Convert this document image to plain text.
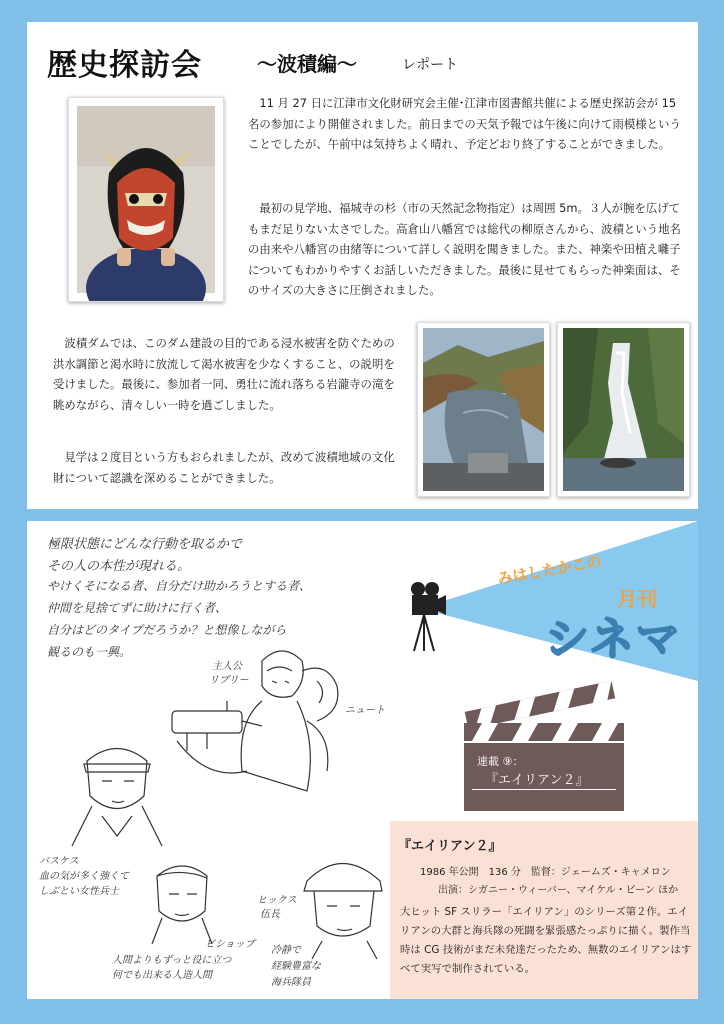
歴史探訪会	～波積編～	レポート

11 月 27 日に江津市文化財研究会主催･江津市図書館共催による歴史探訪会が 15 名の参加により開催されました。前日までの天気予報では午後に向けて雨模様ということでしたが、午前中は気持ちよく晴れ、予定どおり終了することができました。

最初の見学地、福城寺の杉（市の天然記念物指定）は周囲 5m。３人が腕を広げてもまだ足りない太さでした。高倉山八幡宮では総代の柳原さんから、波積という地名の由来や八幡宮の由緒等について詳しく説明を聞きました。また、神楽や田植え囃子についてもわかりやすくお話しいただきました。最後に見せてもらった神楽面は、そのサイズの大きさに圧倒されました。

波積ダムでは、このダム建設の目的である浸水被害を防ぐための洪水調節と渇水時に放流して渇水被害を少なくすること、の説明を受けました。最後に、参加者一同、勇壮に流れ落ちる岩瀧寺の滝を眺めながら、清々しい一時を過ごしました。

見学は２度目という方もおられましたが、改めて波積地域の文化財について認識を深めることができました。

極限状態にどんな行動を取るかで
その人の本性が現れる。
やけくそになる者、自分だけ助かろうとする者、
仲間を見捨てずに助けに行く者、
自分はどのタイプだろうか？と想像しながら
観るのも一興。
主人公
リプリー
ニュート
バスケス
血の気が多く強くて
しぶとい女性兵士
ビショップ
人間よりもずっと役に立つ
何でも出来る人造人間
ヒックス
伍長
冷静で
経験豊富な
海兵隊員
みはしたかこの
月刊
シネマ
連載 ⑨：
『エイリアン２』
『エイリアン２』
1986 年公開　136 分　監督：ジェームズ・キャメロン
出演：シガニー・ウィーバー、マイケル・ビーン ほか

大ヒット SF スリラー「エイリアン」のシリーズ第２作。エイリアンの大群と海兵隊の死闘を緊張感たっぷりに描く。製作当時は CG 技術がまだ未発達だったため、無数のエイリアンはすべて実写で制作されている。
